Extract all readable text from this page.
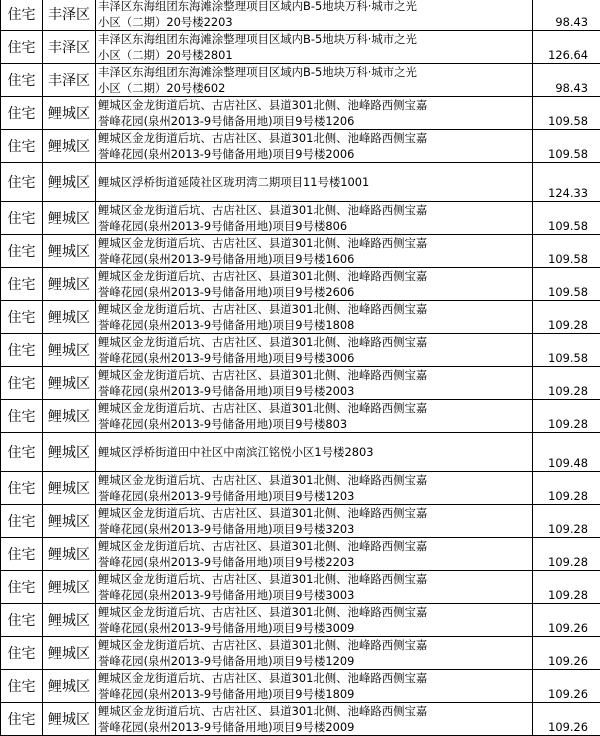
住宅	丰泽区	丰泽区东海组团东海滩涂整理项目区域内B-5地块万科·城市之光
小区（二期）20号楼2203	98.43
住宅	丰泽区	丰泽区东海组团东海滩涂整理项目区域内B-5地块万科·城市之光
小区（二期）20号楼2801	126.64
住宅	丰泽区	丰泽区东海组团东海滩涂整理项目区域内B-5地块万科·城市之光
小区（二期）20号楼602	98.43
住宅	鲤城区	鲤城区金龙街道后坑、古店社区、县道301北侧、池峰路西侧宝嘉
誉峰花园(泉州2013-9号储备用地)项目9号楼1206	109.58
住宅	鲤城区	鲤城区金龙街道后坑、古店社区、县道301北侧、池峰路西侧宝嘉
誉峰花园(泉州2013-9号储备用地)项目9号楼2006	109.58
住宅	鲤城区	鲤城区浮桥街道延陵社区珑玥湾二期项目11号楼1001	124.33
住宅	鲤城区	鲤城区金龙街道后坑、古店社区、县道301北侧、池峰路西侧宝嘉
誉峰花园(泉州2013-9号储备用地)项目9号楼806	109.58
住宅	鲤城区	鲤城区金龙街道后坑、古店社区、县道301北侧、池峰路西侧宝嘉
誉峰花园(泉州2013-9号储备用地)项目9号楼1606	109.58
住宅	鲤城区	鲤城区金龙街道后坑、古店社区、县道301北侧、池峰路西侧宝嘉
誉峰花园(泉州2013-9号储备用地)项目9号楼2606	109.58
住宅	鲤城区	鲤城区金龙街道后坑、古店社区、县道301北侧、池峰路西侧宝嘉
誉峰花园(泉州2013-9号储备用地)项目9号楼1808	109.28
住宅	鲤城区	鲤城区金龙街道后坑、古店社区、县道301北侧、池峰路西侧宝嘉
誉峰花园(泉州2013-9号储备用地)项目9号楼3006	109.58
住宅	鲤城区	鲤城区金龙街道后坑、古店社区、县道301北侧、池峰路西侧宝嘉
誉峰花园(泉州2013-9号储备用地)项目9号楼2003	109.28
住宅	鲤城区	鲤城区金龙街道后坑、古店社区、县道301北侧、池峰路西侧宝嘉
誉峰花园(泉州2013-9号储备用地)项目9号楼803	109.28
住宅	鲤城区	鲤城区浮桥街道田中社区中南滨江铭悦小区1号楼2803	109.48
住宅	鲤城区	鲤城区金龙街道后坑、古店社区、县道301北侧、池峰路西侧宝嘉
誉峰花园(泉州2013-9号储备用地)项目9号楼1203	109.28
住宅	鲤城区	鲤城区金龙街道后坑、古店社区、县道301北侧、池峰路西侧宝嘉
誉峰花园(泉州2013-9号储备用地)项目9号楼3203	109.28
住宅	鲤城区	鲤城区金龙街道后坑、古店社区、县道301北侧、池峰路西侧宝嘉
誉峰花园(泉州2013-9号储备用地)项目9号楼2203	109.28
住宅	鲤城区	鲤城区金龙街道后坑、古店社区、县道301北侧、池峰路西侧宝嘉
誉峰花园(泉州2013-9号储备用地)项目9号楼3003	109.28
住宅	鲤城区	鲤城区金龙街道后坑、古店社区、县道301北侧、池峰路西侧宝嘉
誉峰花园(泉州2013-9号储备用地)项目9号楼3009	109.26
住宅	鲤城区	鲤城区金龙街道后坑、古店社区、县道301北侧、池峰路西侧宝嘉
誉峰花园(泉州2013-9号储备用地)项目9号楼1209	109.26
住宅	鲤城区	鲤城区金龙街道后坑、古店社区、县道301北侧、池峰路西侧宝嘉
誉峰花园(泉州2013-9号储备用地)项目9号楼1809	109.26
住宅	鲤城区	鲤城区金龙街道后坑、古店社区、县道301北侧、池峰路西侧宝嘉
誉峰花园(泉州2013-9号储备用地)项目9号楼2009	109.26
